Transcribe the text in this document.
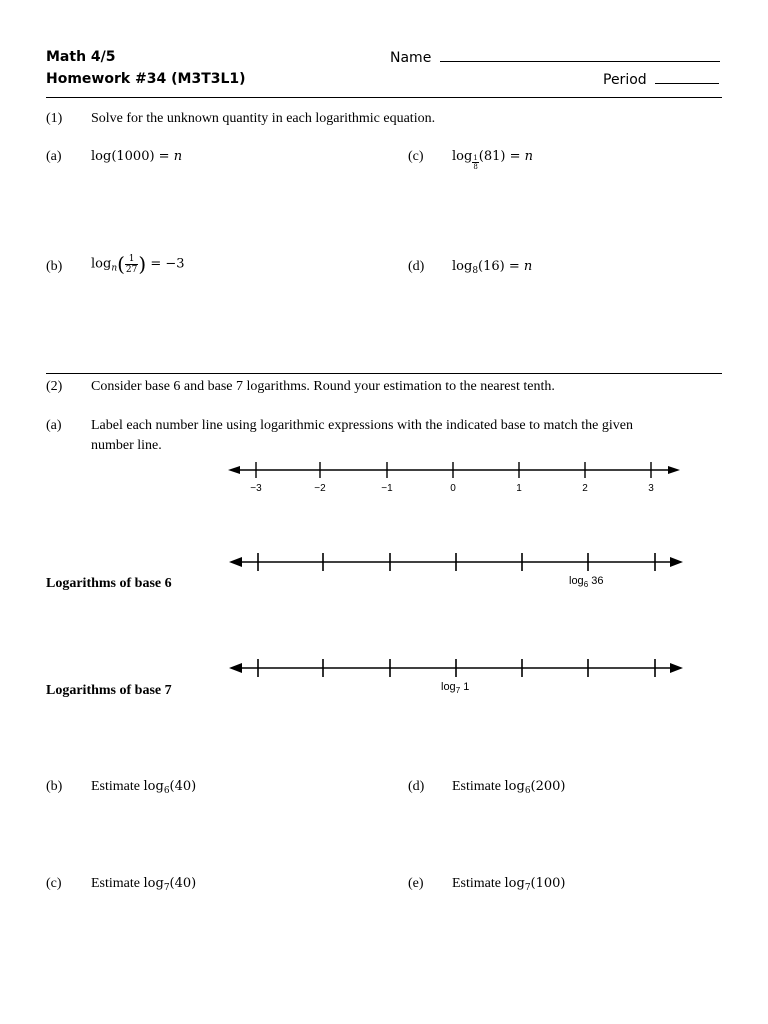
Math 4/5
Homework #34 (M3T3L1)
Name
Period
(1) Solve for the unknown quantity in each logarithmic equation.
(a) log(1000) = n	(c) $\log \frac{1}{8} (81) = n$
(b) $\log_n( \frac{1}{27}$ ) = −3	(d) $\log_8(16) = n$
(2) Consider base 6 and base 7 logarithms. Round your estimation to the nearest tenth.
(a) Label each number line using logarithmic expressions with the indicated base to match the given
number line.
−3	−2	−1	0	1	2	3
Logarithms of base 6	$\log_6 36$
Logarithms of base 7	$\log_7 1$
(b) Estimate $\log_6(40)$	(d) Estimate $\log_6(200)$
(c) Estimate $\log_7(40)$	(e) Estimate $\log_7(100)$
